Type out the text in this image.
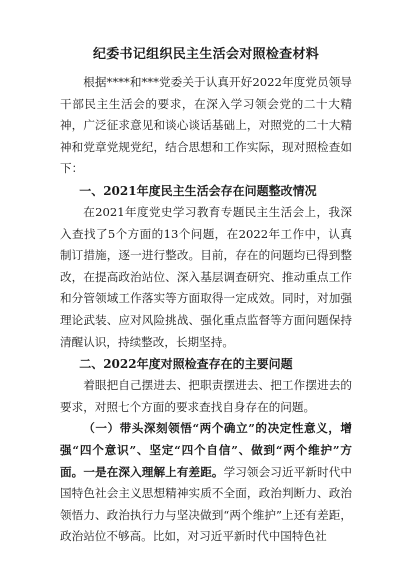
纪委书记组织民主生活会对照检查材料

根据****和***党委关于认真开好2022年度党员领导干部民主生活会的要求，在深入学习领会党的二十大精神，广泛征求意见和谈心谈话基础上，对照党的二十大精神和党章党规党纪，结合思想和工作实际，现对照检查如下：

一、2021年度民主生活会存在问题整改情况

在2021年度党史学习教育专题民主生活会上，我深入查找了5个方面的13个问题，在2022年工作中，认真制订措施，逐一进行整改。目前，存在的问题均已得到整改，在提高政治站位、深入基层调查研究、推动重点工作和分管领域工作落实等方面取得一定成效。同时，对加强理论武装、应对风险挑战、强化重点监督等方面问题保持清醒认识，持续整改，长期坚持。

二、2022年度对照检查存在的主要问题

着眼把自己摆进去、把职责摆进去、把工作摆进去的要求，对照七个方面的要求查找自身存在的问题。

（一）带头深刻领悟“两个确立”的决定性意义，增强“四个意识”、坚定“四个自信”、做到“两个维护”方面。一是在深入理解上有差距。学习领会习近平新时代中国特色社会主义思想精神实质不全面，政治判断力、政治领悟力、政治执行力与坚决做到“两个维护”上还有差距，政治站位不够高。比如，对习近平新时代中国特色社
